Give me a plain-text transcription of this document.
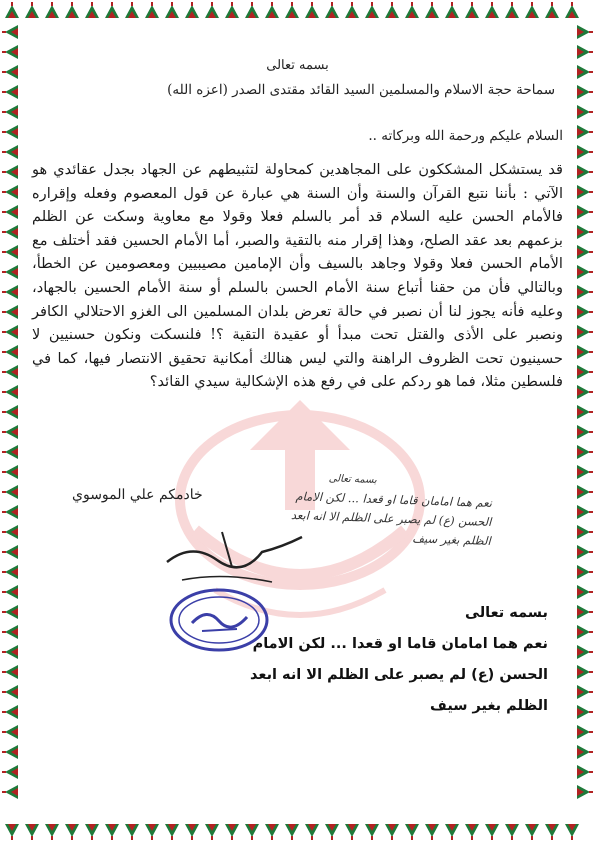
بسمه تعالى
سماحة حجة الاسلام والمسلمين السيد القائد مقتدى الصدر (اعزه الله)
السلام عليكم ورحمة الله وبركاته ..
قد يستشكل المشككون على المجاهدين كمحاولة لتثبيطهم عن الجهاد بجدل عقائدي هو الآتي : بأننا نتبع القرآن والسنة وأن السنة هي عبارة عن قول المعصوم وفعله وإقراره فالأمام الحسن عليه السلام قد أمر بالسلم فعلا وقولا مع معاوية وسكت عن الظلم بزعمهم بعد عقد الصلح، وهذا إقرار منه بالتقية والصبر، أما الأمام الحسين فقد أختلف مع الأمام الحسن فعلا وقولا وجاهد بالسيف وأن الإمامين مصيبيين ومعصومين عن الخطأ، وبالتالي فأن من حقنا أتباع سنة الأمام الحسن بالسلم أو سنة الأمام الحسين بالجهاد، وعليه فأنه يجوز لنا أن نصبر في حالة تعرض بلدان المسلمين الى الغزو الاحتلالي الكافر ونصبر على الأذى والقتل تحت مبدأ أو عقيدة التقية ؟! فلنسكت ونكون حسنيين لا حسينيون تحت الظروف الراهنة والتي ليس هنالك أمكانية تحقيق الانتصار فيها، كما في فلسطين مثلا، فما هو ردكم على في رفع هذه الإشكالية سيدي القائد؟
خادمكم علي الموسوي
بسمه تعالى
نعم هما امامان قاما او قعدا ... لكن الامام
الحسن (ع) لم يصبر على الظلم الا انه ابعد
الظلم بغير سيف
بسمه تعالى
نعم هما امامان قاما او قعدا ... لكن الامام
الحسن (ع) لم يصبر على الظلم الا انه ابعد
الظلم بغير سيف
